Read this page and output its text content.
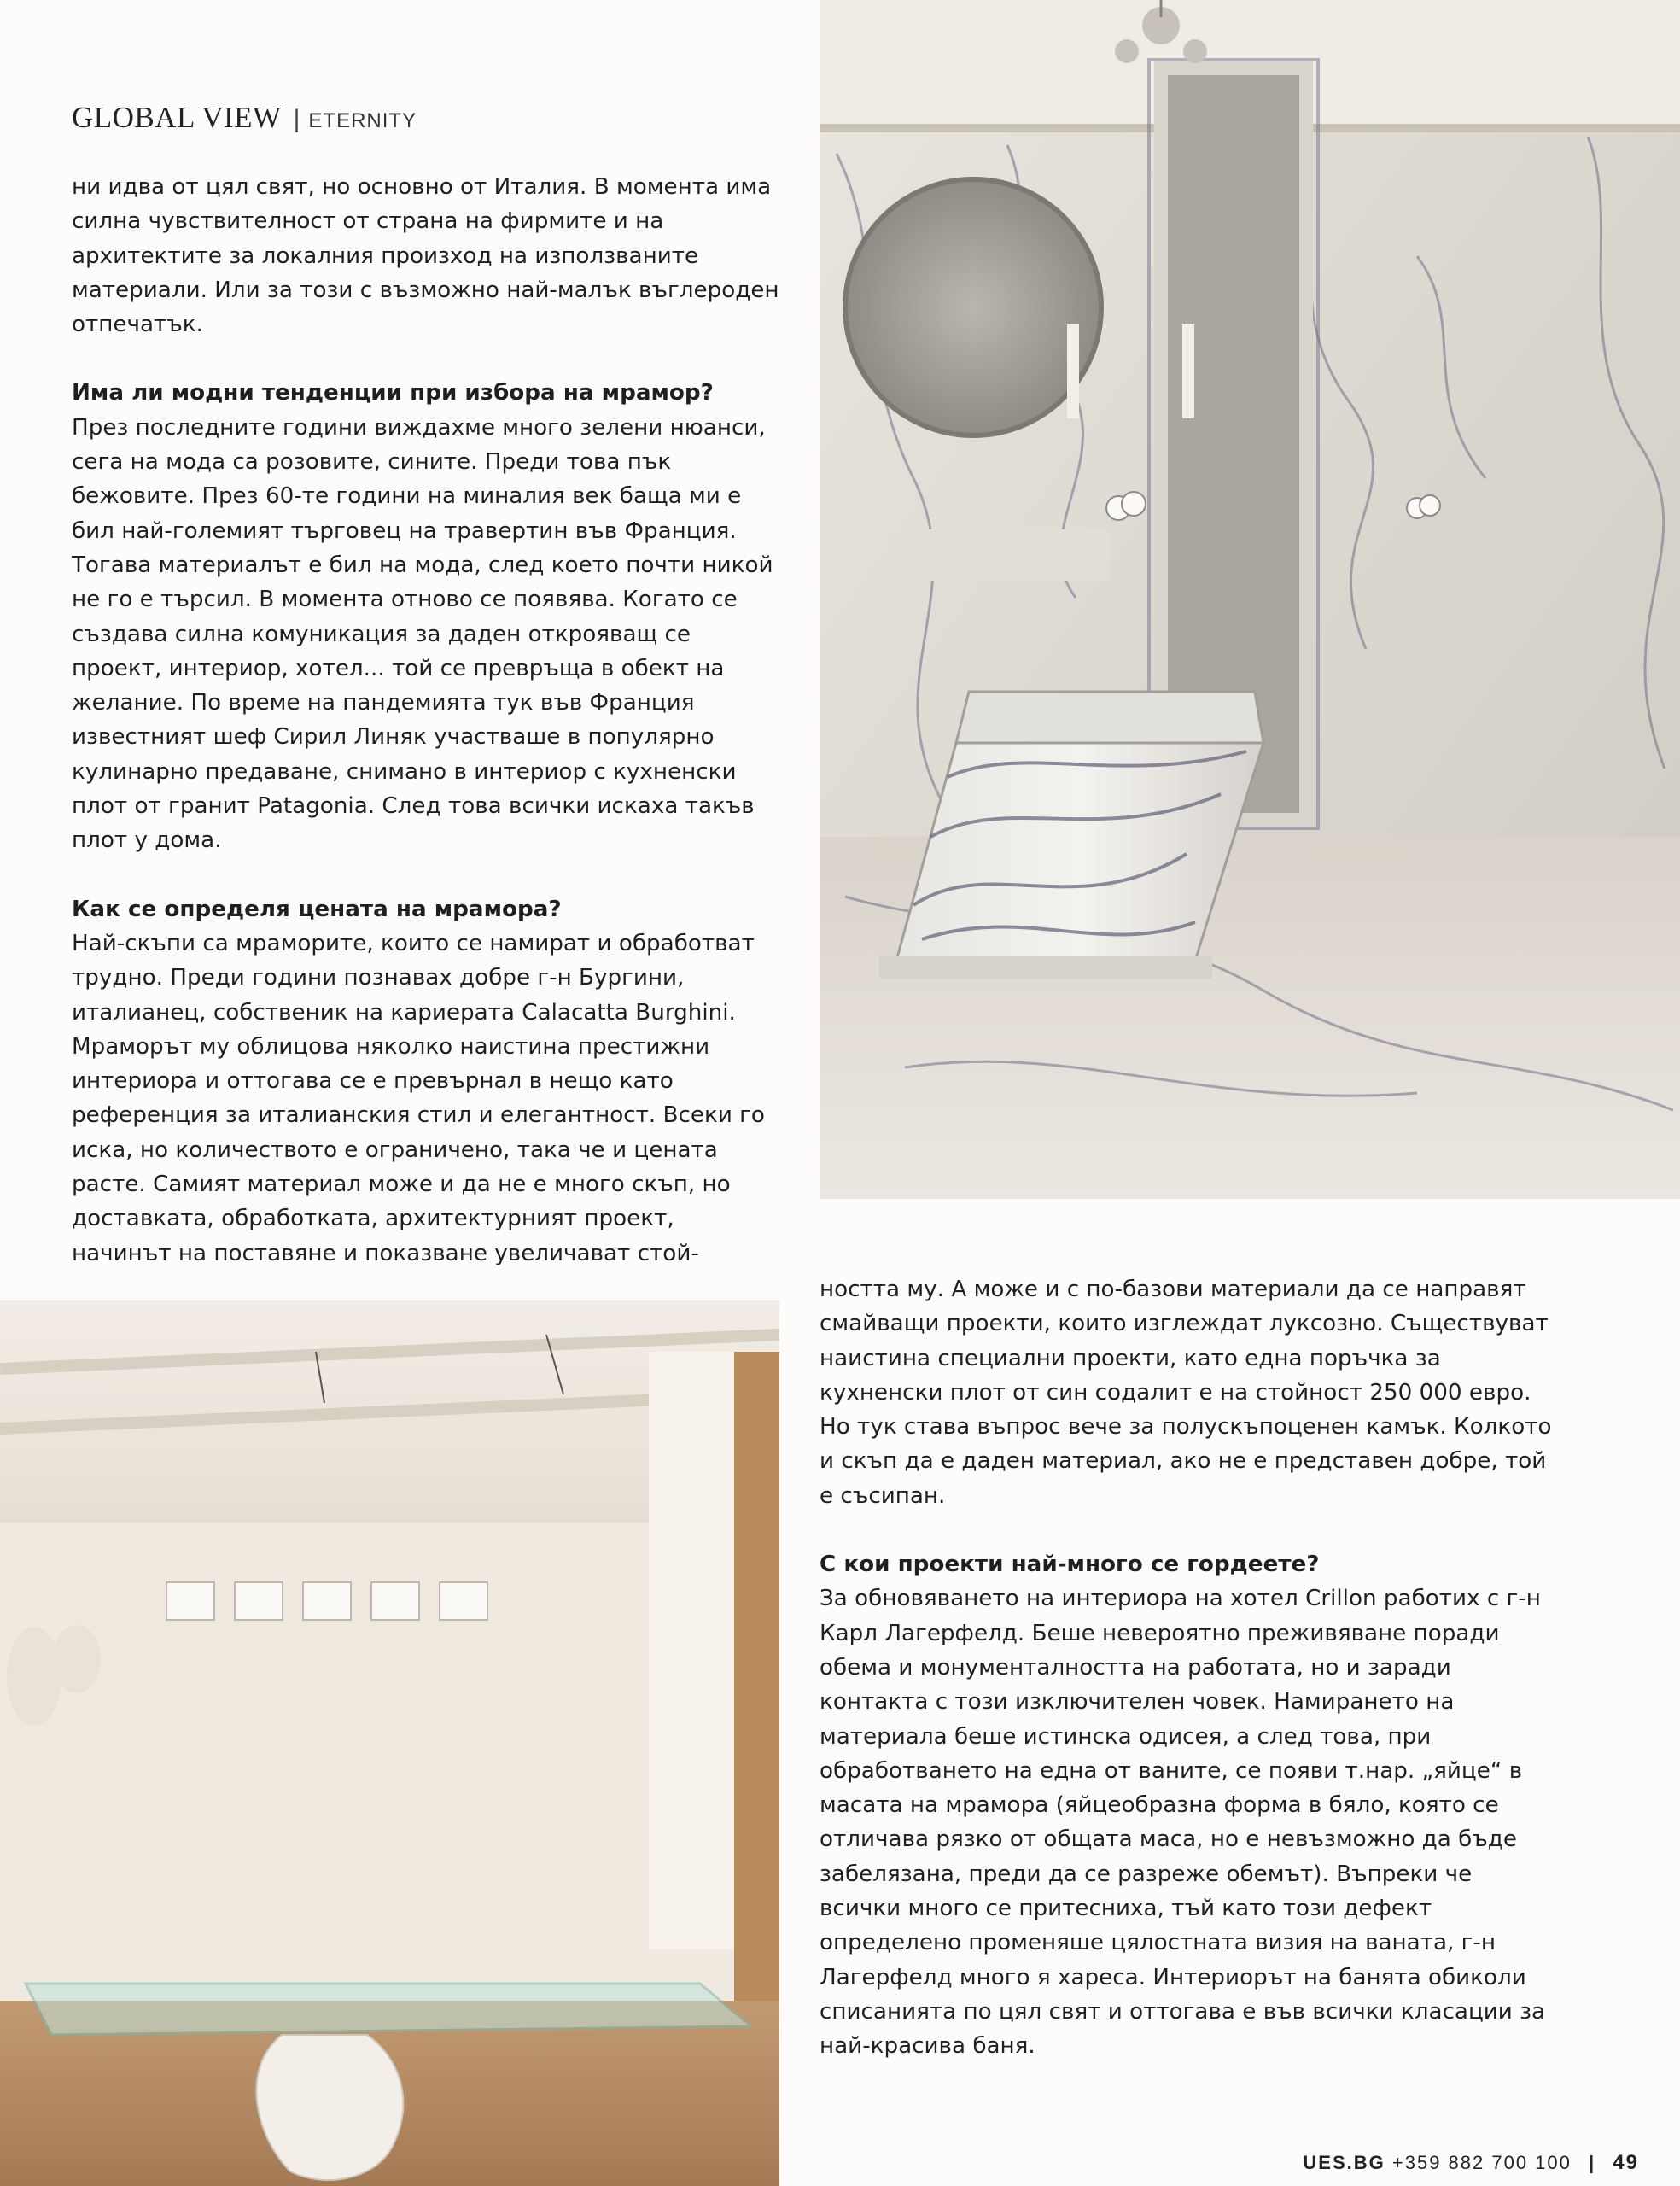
GLOBAL VIEW | ETERNITY

ни идва от цял свят, но основно от Италия. В момента има силна чувствителност от страна на фирмите и на архитектите за локалния произход на използваните материали. Или за този с възможно най-малък въглероден отпечатък.

Има ли модни тенденции при избора на мрамор?

През последните години виждахме много зелени нюанси, сега на мода са розовите, сините. Преди това пък бежовите. През 60-те години на миналия век баща ми е бил най-големият търговец на травертин във Франция. Тогава материалът е бил на мода, след което почти никой не го е търсил. В момента отново се появява. Когато се създава силна комуникация за даден открояващ се проект, интериор, хотел... той се превръща в обект на желание. По време на пандемията тук във Франция известният шеф Сирил Линяк участваше в популярно кулинарно предаване, снимано в интериор с кухненски плот от гранит Patagonia. След това всички искаха такъв плот у дома.

Как се определя цената на мрамора?

Най-скъпи са мраморите, които се намират и обработват трудно. Преди години познавах добре г-н Бургини, италианец, собственик на кариерата Calacatta Burghini. Мраморът му облицова няколко наистина престижни интериора и оттогава се е превърнал в нещо като референция за италианския стил и елегантност. Всеки го иска, но количеството е ограничено, така че и цената расте. Самият материал може и да не е много скъп, но доставката, обработката, архитектурният проект, начинът на поставяне и показване увеличават стой-

ността му. А може и с по-базови материали да се направят смайващи проекти, които изглеждат луксозно. Съществуват наистина специални проекти, като една поръчка за кухненски плот от син содалит е на стойност 250 000 евро. Но тук става въпрос вече за полускъпоценен камък. Колкото и скъп да е даден материал, ако не е представен добре, той е съсипан.

С кои проекти най-много се гордеете?

За обновяването на интериора на хотел Crillon работих с г-н Карл Лагерфелд. Беше невероятно преживяване поради обема и монументалността на работата, но и заради контакта с този изключителен човек. Намирането на материала беше истинска одисея, а след това, при обработването на една от ваните, се появи т.нар. „яйце“ в масата на мрамора (яйцеобразна форма в бяло, която се отличава рязко от общата маса, но е невъзможно да бъде забелязана, преди да се разреже обемът). Въпреки че всички много се притесниха, тъй като този дефект определено променяше цялостната визия на ваната, г-н Лагерфелд много я хареса. Интериорът на банята обиколи списанията по цял свят и оттогава е във всички класации за най-красива баня.

UES.BG +359 882 700 100 | 49
